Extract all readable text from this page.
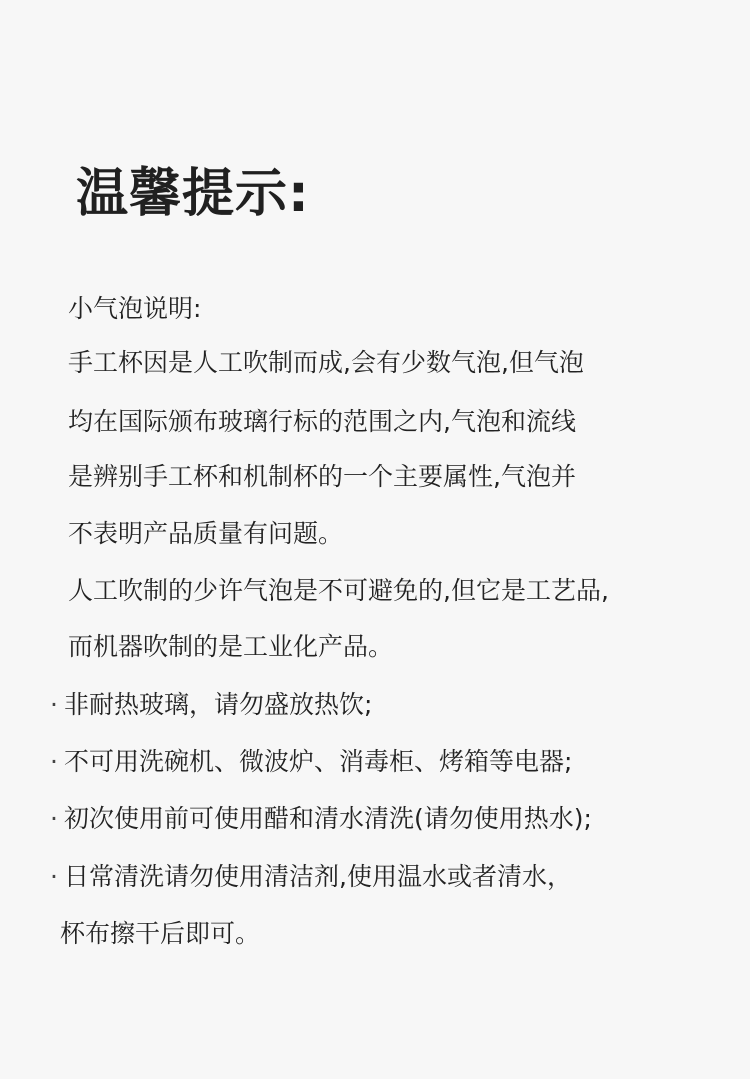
温馨提示:
小气泡说明:
手工杯因是人工吹制而成,会有少数气泡,但气泡
均在国际颁布玻璃行标的范围之内,气泡和流线
是辨别手工杯和机制杯的一个主要属性,气泡并
不表明产品质量有问题。
人工吹制的少许气泡是不可避免的,但它是工艺品,
而机器吹制的是工业化产品。
· 非耐热玻璃，请勿盛放热饮;
· 不可用洗碗机、微波炉、消毒柜、烤箱等电器;
· 初次使用前可使用醋和清水清洗(请勿使用热水);
· 日常清洗请勿使用清洁剂,使用温水或者清水，
杯布擦干后即可。
